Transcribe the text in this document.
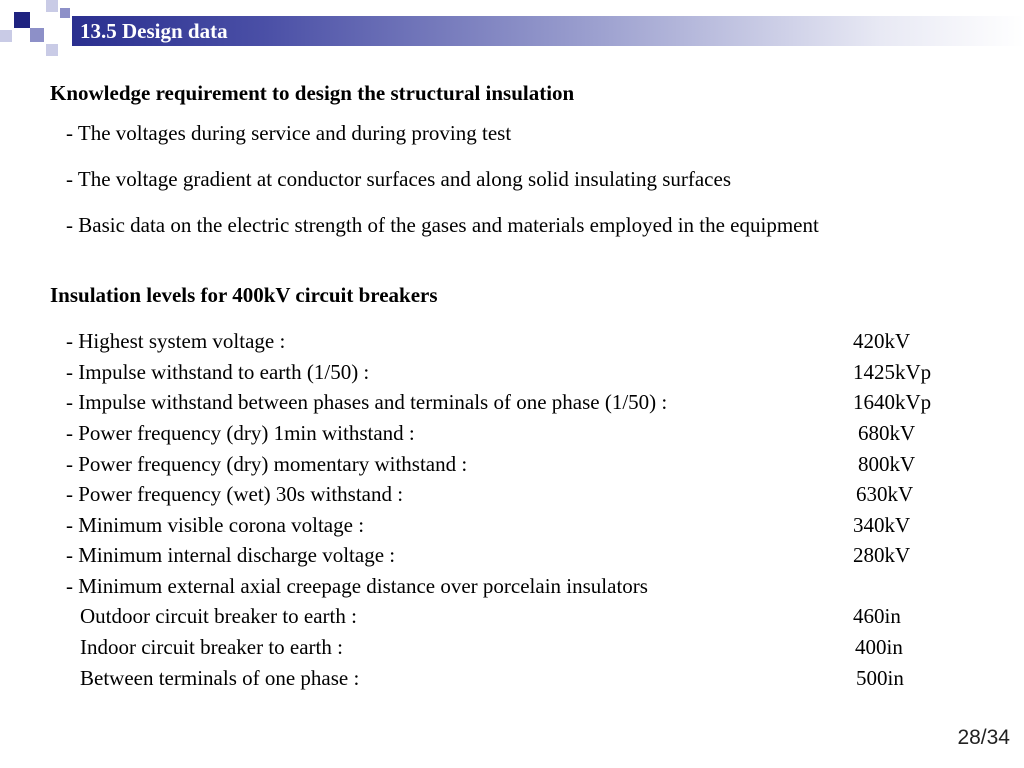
13.5 Design data
Knowledge requirement to design the structural insulation
- The voltages during service and during proving test
- The voltage gradient at conductor surfaces and along solid insulating surfaces
- Basic data on the electric strength of the gases and materials employed in the equipment
Insulation levels for 400kV circuit breakers
- Highest system voltage :	420kV
- Impulse withstand to earth (1/50) :	1425kVp
- Impulse withstand between phases and terminals of one phase (1/50) :	1640kVp
- Power frequency (dry) 1min withstand :	680kV
- Power frequency (dry) momentary withstand :	800kV
- Power frequency (wet) 30s withstand :	630kV
- Minimum visible corona voltage :	340kV
- Minimum internal discharge voltage :	280kV
- Minimum external axial creepage distance over porcelain insulators
Outdoor circuit breaker to earth :	460in
Indoor circuit breaker to earth :	400in
Between terminals of one phase :	500in
28/34
